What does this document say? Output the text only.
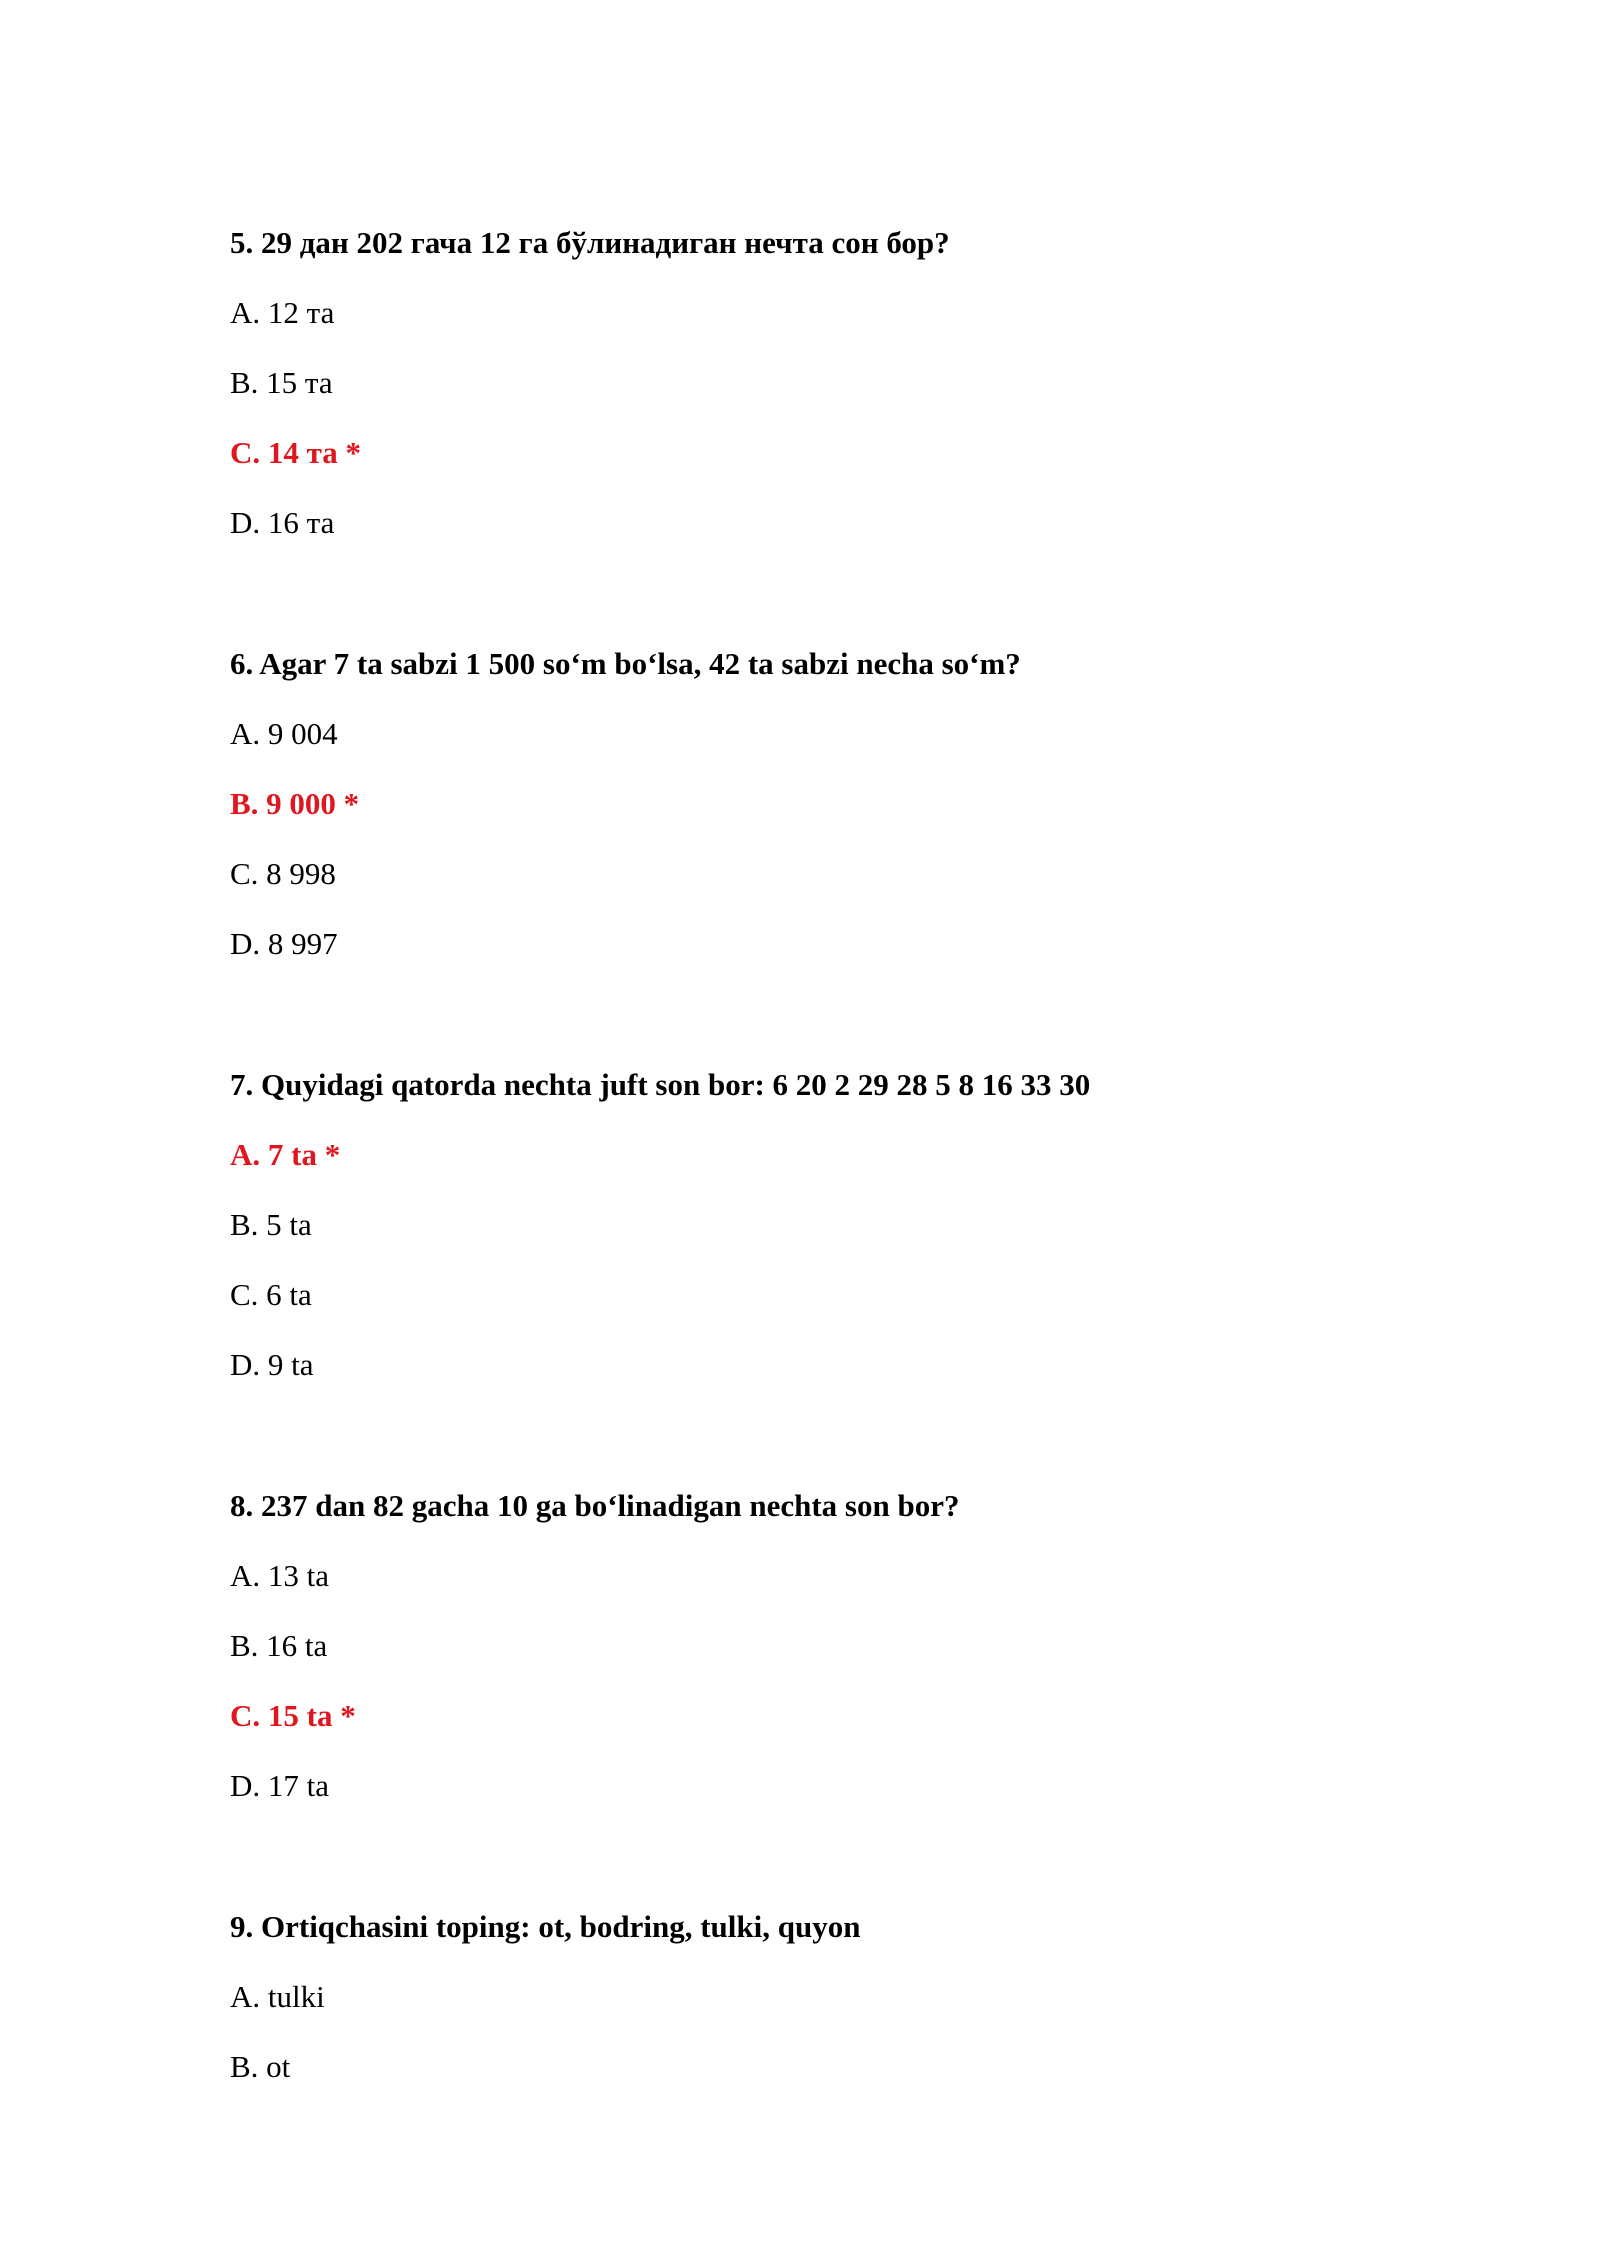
5. 29 дан 202 гача 12 га бўлинадиган нечта сон бор?
A. 12 та
B. 15 та
C. 14 та *
D. 16 та
6. Agar 7 ta sabzi 1 500 so‘m bo‘lsa, 42 ta sabzi necha so‘m?
A. 9 004
B. 9 000 *
C. 8 998
D. 8 997
7. Quyidagi qatorda nechta juft son bor: 6 20 2 29 28 5 8 16 33 30
A. 7 ta *
B. 5 ta
C. 6 ta
D. 9 ta
8. 237 dan 82 gacha 10 ga bo‘linadigan nechta son bor?
A. 13 ta
B. 16 ta
C. 15 ta *
D. 17 ta
9. Ortiqchasini toping: ot, bodring, tulki, quyon
A. tulki
B. ot
